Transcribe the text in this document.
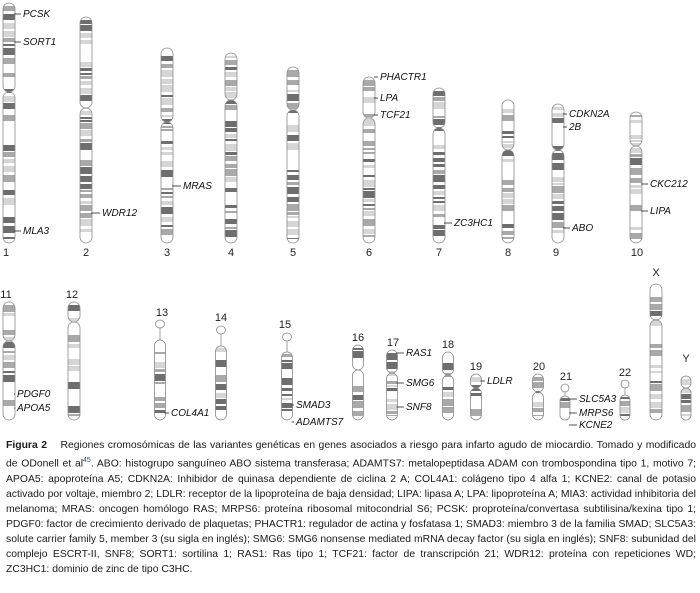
1
PCSK
SORT1
MLA3
2
WDR12
3
MRAS
4	5	6
PHACTR1
LPA
TCF21
7
ZC3HC1
8	9
CDKN2A
2B
ABO
10
CKC212
LIPA
11
PDGF0
APOA5
12
13
COL4A1
14
15
SMAD3
ADAMTS7
16 17
RAS1
SMG6
SNF8
18
19
LDLR
20
21
SLC5A3
MRPS6
KCNE2
22
X
Y
Figura 2 Regiones cromosómicas de las variantes genéticas en genes asociados a riesgo para infarto agudo de miocardio. Tomado y modificado de ODonell et $al^{45}$. ABO: histogrupo sanguíneo ABO sistema transferasa; ADAMTS7: metalopeptidasa ADAM con trombospondina tipo 1, motivo 7; APOA5: apoproteína A5; CDKN2A: Inhibidor de quinasa dependiente de ciclina 2 A; COL4A1: colágeno tipo 4 alfa 1; KCNE2: canal de potasio activado por voltaje, miembro 2; LDLR: receptor de la lipoproteína de baja densidad; LIPA: lipasa A; LPA: lipoproteína A; MIA3: actividad inhibitoria del melanoma; MRAS: oncogen homólogo RAS; MRPS6: proteína ribosomal mitocondrial S6; PCSK: proproteína/convertasa subtilisina/kexina tipo 1; PDGF0: factor de crecimiento derivado de plaquetas; PHACTR1: regulador de actina y fosfatasa 1; SMAD3: miembro 3 de la familia SMAD; SLC5A3: solute carrier family 5, member 3 (su sigla en inglés); SMG6: SMG6 nonsense mediated mRNA decay factor (su sigla en inglés); SNF8: subunidad del complejo ESCRT-II, SNF8; SORT1: sortilina 1; RAS1: Ras tipo 1; TCF21: factor de transcripción 21; WDR12: proteína con repeticiones WD; ZC3HC1: dominio de zinc de tipo C3HC.
